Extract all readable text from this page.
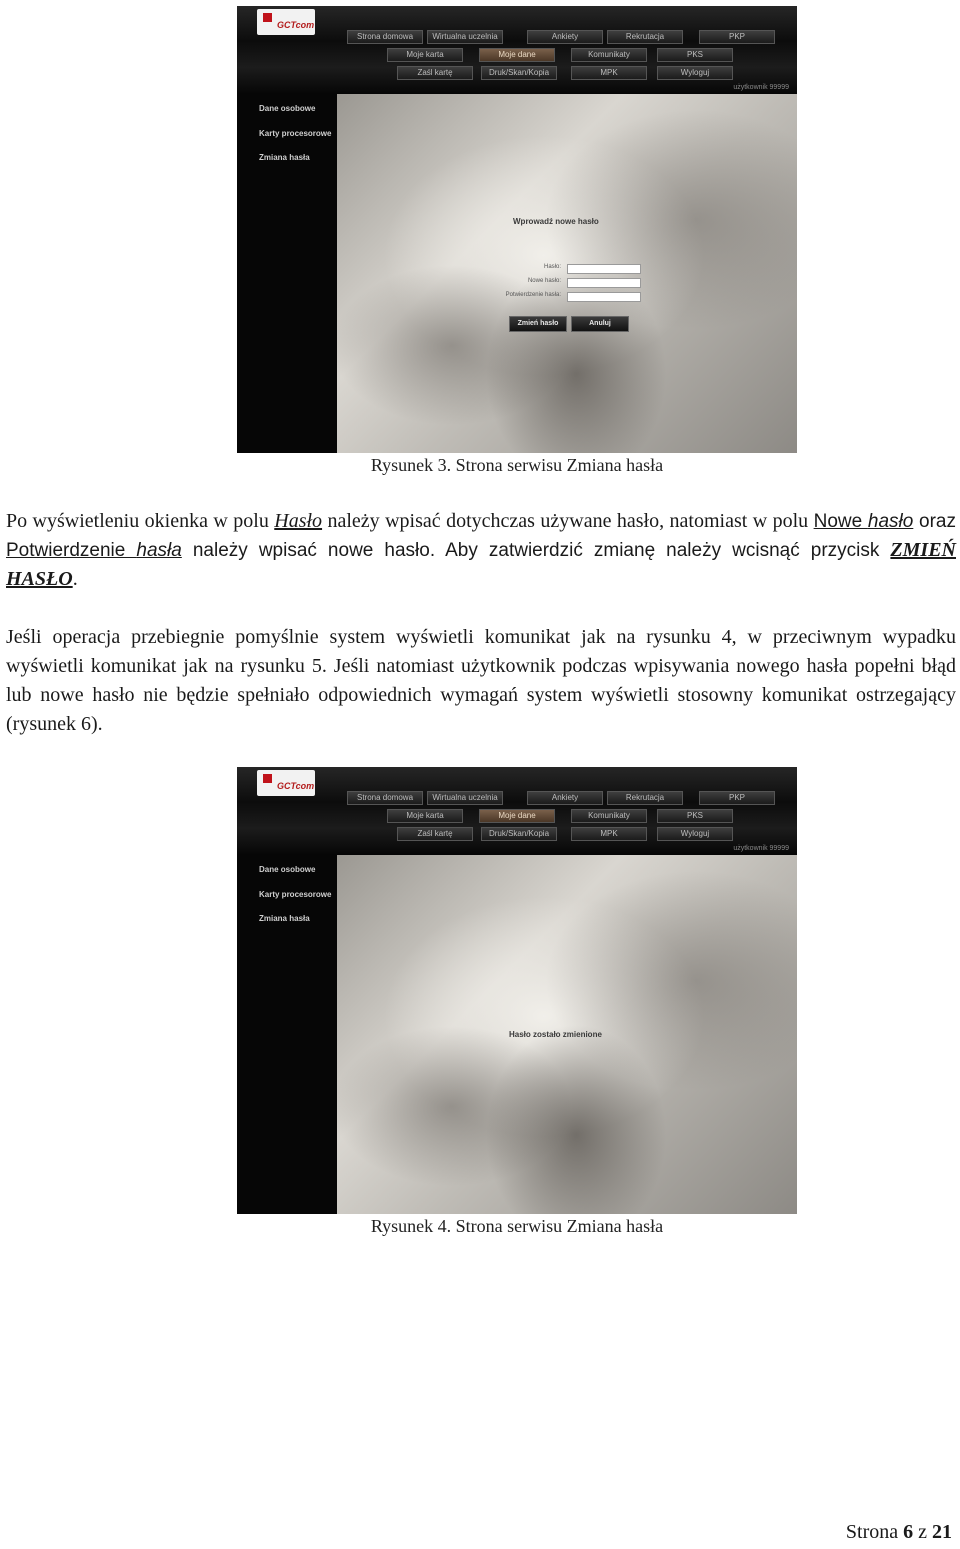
GCTcom
Strona domowa	Wirtualna uczelnia	Ankiety	Rekrutacja	PKP
Moje karta	Moje dane	Komunikaty	PKS
Zaśl kartę	Druk/Skan/Kopia	MPK	Wyloguj
użytkownik 99999
Dane osobowe
Karty procesorowe
Zmiana hasła
Wprowadź nowe hasło
Hasło:
Nowe hasło:
Potwierdzenie hasła:
Zmień hasło	Anuluj
Rysunek 3. Strona serwisu Zmiana hasła

Po wyświetleniu okienka w polu Hasło należy wpisać dotychczas używane hasło, natomiast w polu Nowe hasło oraz Potwierdzenie hasła należy wpisać nowe hasło. Aby zatwierdzić zmianę należy wcisnąć przycisk ZMIEŃ HASŁO.

Jeśli operacja przebiegnie pomyślnie system wyświetli komunikat jak na rysunku 4, w przeciwnym wypadku wyświetli komunikat jak na rysunku 5. Jeśli natomiast użytkownik podczas wpisywania nowego hasła popełni błąd lub nowe hasło nie będzie spełniało odpowiednich wymagań system wyświetli stosowny komunikat ostrzegający (rysunek 6).

GCTcom
Strona domowa	Wirtualna uczelnia	Ankiety	Rekrutacja	PKP
Moje karta	Moje dane	Komunikaty	PKS
Zaśl kartę	Druk/Skan/Kopia	MPK	Wyloguj
użytkownik 99999
Dane osobowe
Karty procesorowe
Zmiana hasła
Hasło zostało zmienione
Rysunek 4. Strona serwisu Zmiana hasła
Strona 6 z 21
